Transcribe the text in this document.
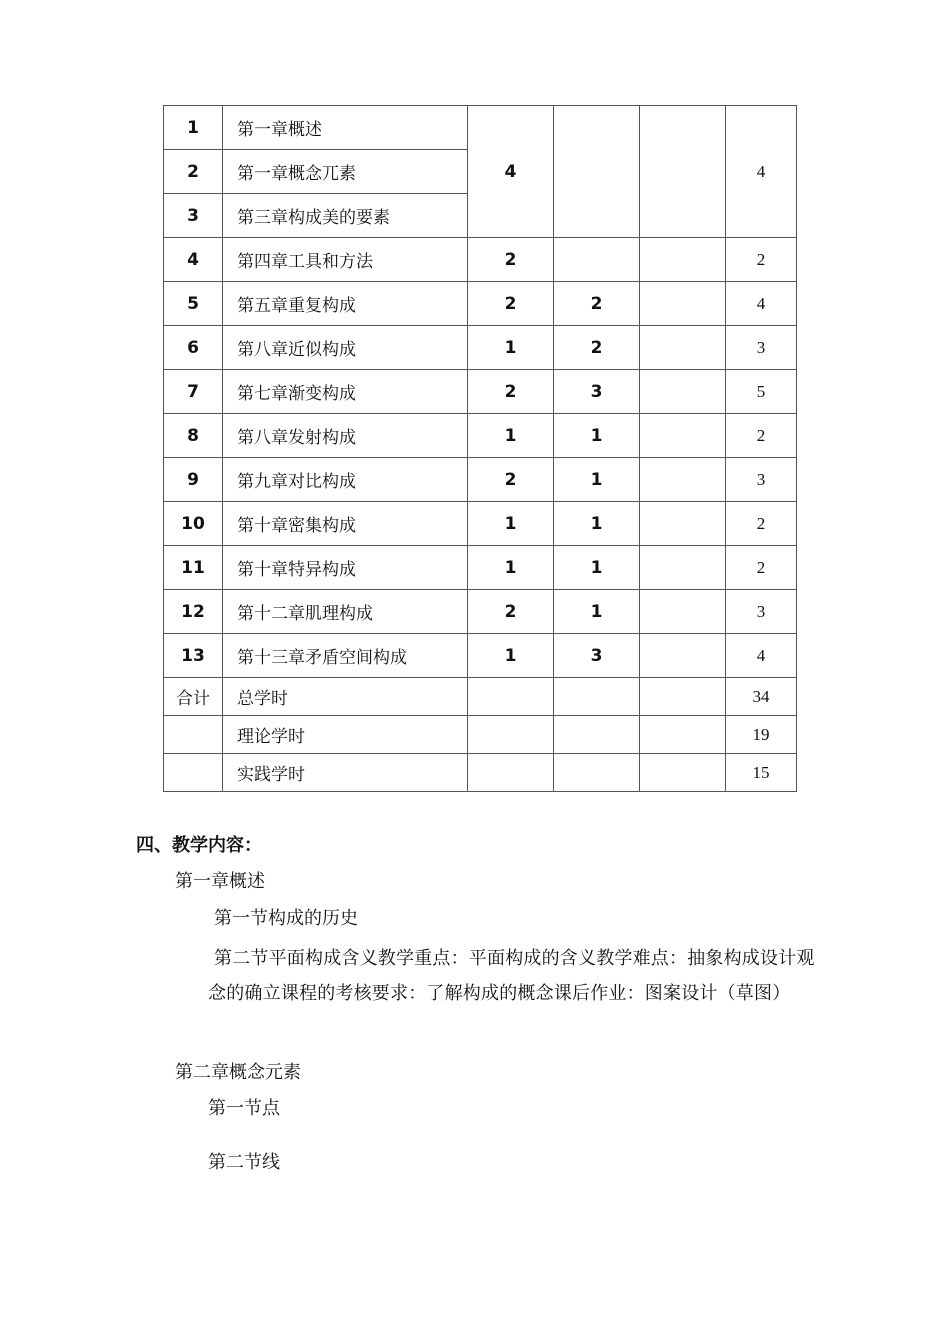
1	第一章概述	4			4
2	第一章概念兀素				
3	第三章构成美的要素				
4	第四章工具和方法	2			2
5	第五章重复构成	2	2		4
6	第八章近似构成	1	2		3
7	第七章渐变构成	2	3		5
8	第八章发射构成	1	1		2
9	第九章对比构成	2	1		3
10	第十章密集构成	1	1		2
11	第十章特异构成	1	1		2
12	第十二章肌理构成	2	1		3
13	第十三章矛盾空间构成	1	3		4
合计	总学时				34
	理论学时				19
	实践学时				15
四、教学内容：
第一章概述
第一节构成的历史
第二节平面构成含义教学重点：平面构成的含义教学难点：抽象构成设计观念的确立课程的考核要求：了解构成的概念课后作业：图案设计（草图）
第二章概念元素
第一节点
第二节线
